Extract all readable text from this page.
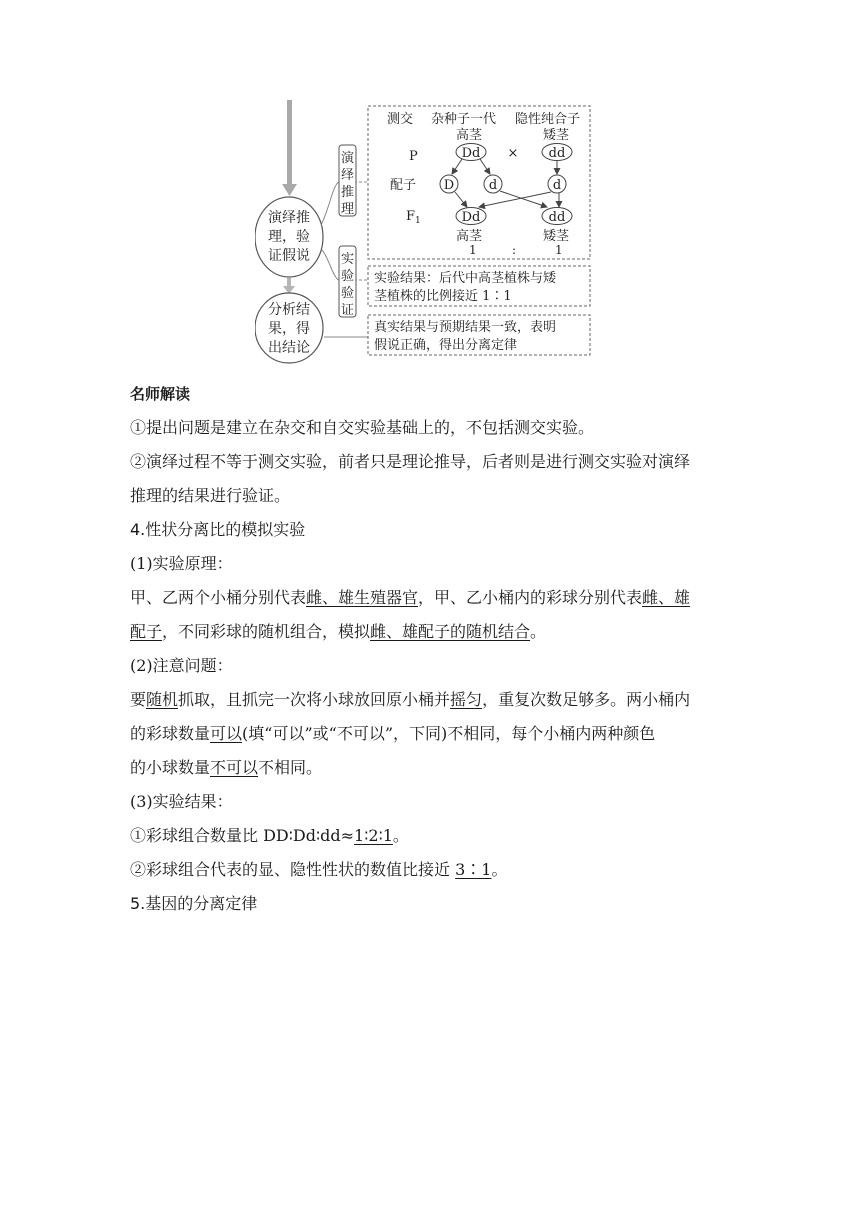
演绎推
理，验
证假说
分析结
果，得
出结论
演
绎
推
理
实
验
验
证
测交 杂种子一代 隐性纯合子
高茎	矮茎
P	Dd × dd
配子 D	d	d
$F_1$	Dd	dd
高茎	矮茎
1	:	1
实验结果：后代中高茎植株与矮
茎植株的比例接近 1∶1
真实结果与预期结果一致，表明
假说正确，得出分离定律
名师解读
①提出问题是建立在杂交和自交实验基础上的，不包括测交实验。
②演绎过程不等于测交实验，前者只是理论推导，后者则是进行测交实验对演绎
推理的结果进行验证。
4.性状分离比的模拟实验
(1)实验原理：
甲、乙两个小桶分别代表雌、雄生殖器官，甲、乙小桶内的彩球分别代表雌、雄
配子，不同彩球的随机组合，模拟雌、雄配子的随机结合。
(2)注意问题：
要随机抓取，且抓完一次将小球放回原小桶并摇匀，重复次数足够多。两小桶内
的彩球数量可以(填“可以”或“不可以”，下同)不相同，每个小桶内两种颜色
的小球数量不可以不相同。
(3)实验结果：
①彩球组合数量比 DD∶Dd∶dd≈1∶2∶1。
②彩球组合代表的显、隐性性状的数值比接近 3∶1。
5.基因的分离定律
